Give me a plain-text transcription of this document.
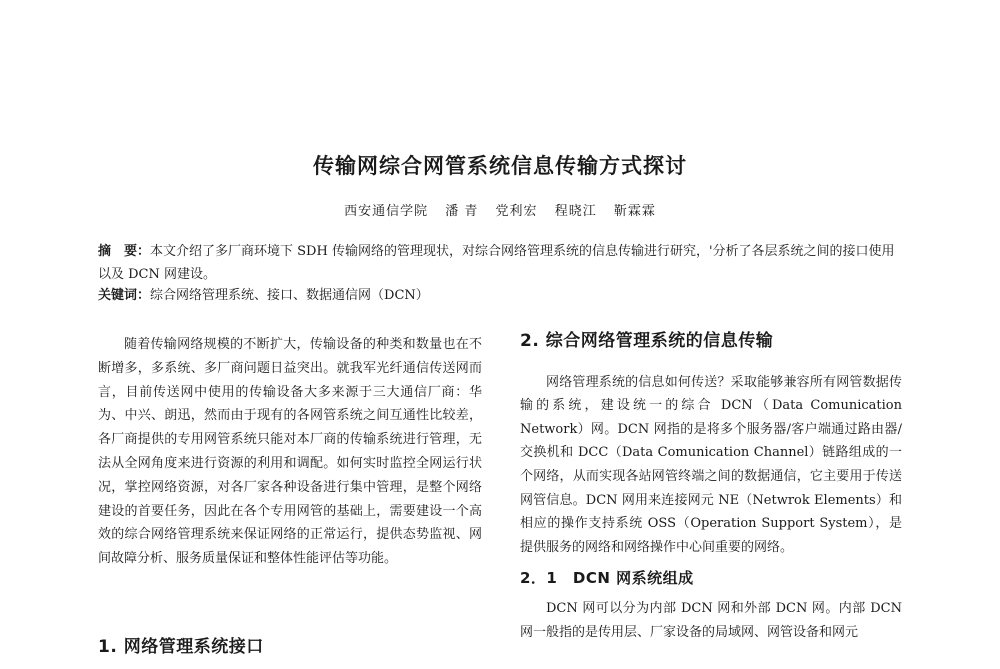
传输网综合网管系统信息传输方式探讨
西安通信学院 潘 青 党利宏 程晓江 靳霖霖

摘　要：本文介绍了多厂商环境下 SDH 传输网络的管理现状，对综合网络管理系统的信息传输进行研究，'分析了各层系统之间的接口使用以及 DCN 网建设。

关键词：综合网络管理系统、接口、数据通信网（DCN）

随着传输网络规模的不断扩大，传输设备的种类和数量也在不断增多，多系统、多厂商问题日益突出。就我军光纤通信传送网而言，目前传送网中使用的传输设备大多来源于三大通信厂商：华为、中兴、朗迅，然而由于现有的各网管系统之间互通性比较差，各厂商提供的专用网管系统只能对本厂商的传输系统进行管理，无法从全网角度来进行资源的利用和调配。如何实时监控全网运行状况，掌控网络资源，对各厂家各种设备进行集中管理，是整个网络建设的首要任务，因此在各个专用网管的基础上，需要建设一个高效的综合网络管理系统来保证网络的正常运行，提供态势监视、网间故障分析、服务质量保证和整体性能评估等功能。

1. 网络管理系统接口
2. 综合网络管理系统的信息传输

网络管理系统的信息如何传送？采取能够兼容所有网管数据传输的系统，建设统一的综合 DCN（Data Comunication Network）网。DCN 网指的是将多个服务器/客户端通过路由器/交换机和 DCC（Data Comunication Channel）链路组成的一个网络，从而实现各站网管终端之间的数据通信，它主要用于传送网管信息。DCN 网用来连接网元 NE（Netwrok Elements）和相应的操作支持系统 OSS（Operation Support System），是提供服务的网络和网络操作中心间重要的网络。

2．1　DCN 网系统组成

DCN 网可以分为内部 DCN 网和外部 DCN 网。内部 DCN 网一般指的是传用层、厂家设备的局域网、网管设备和网元
